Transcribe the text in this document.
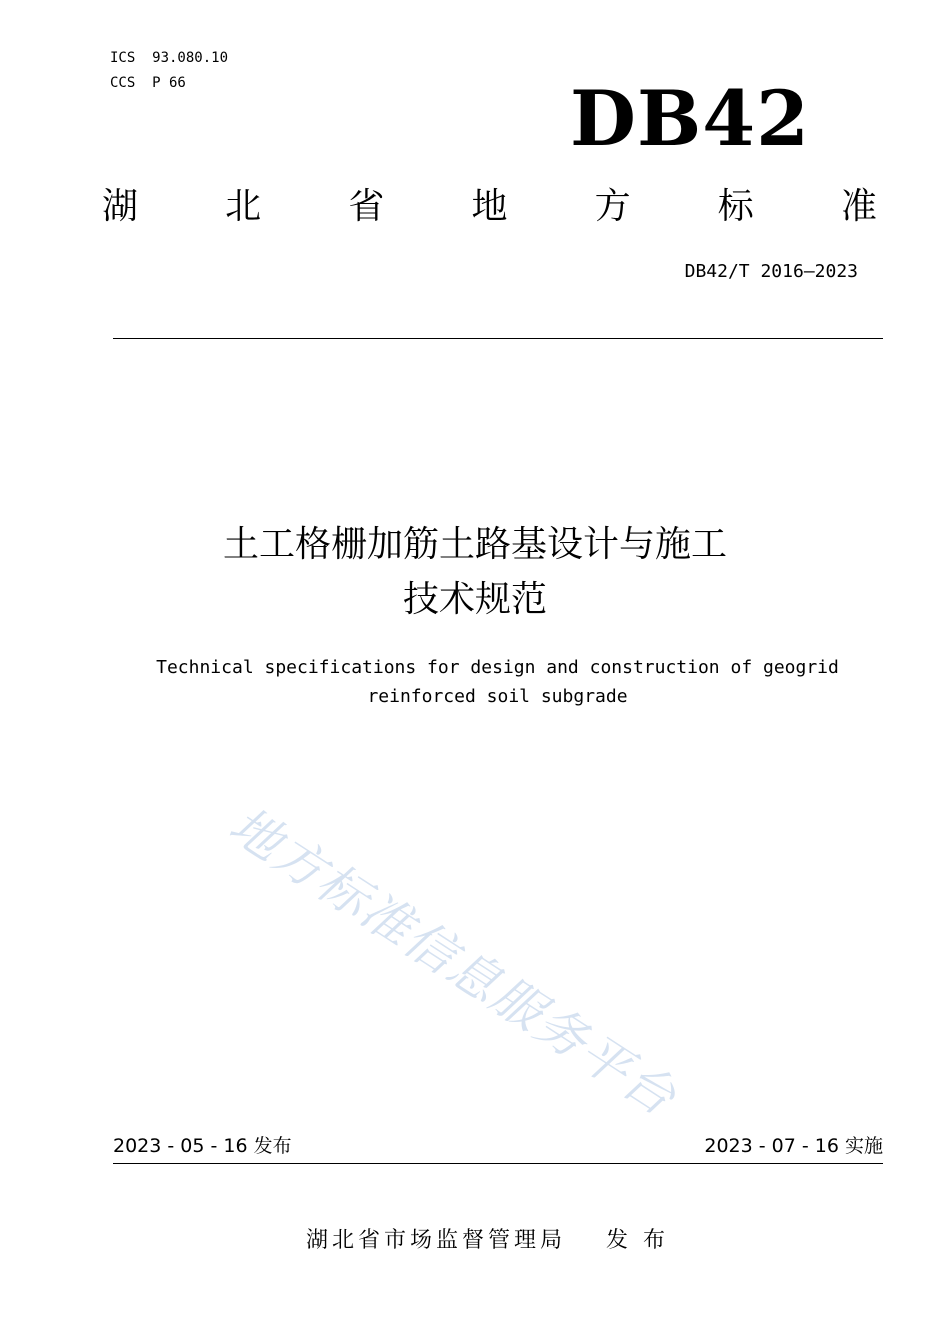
ICS  93.080.10
CCS  P 66	DB42
湖 北 省 地 方 标 准
DB42/T 2016—2023
土工格栅加筋土路基设计与施工
技术规范
Technical specifications for design and construction of geogrid
reinforced soil subgrade
地方标准信息服务平台
2023 - 05 - 16 发布	2023 - 07 - 16 实施
湖北省市场监督管理局 发 布
